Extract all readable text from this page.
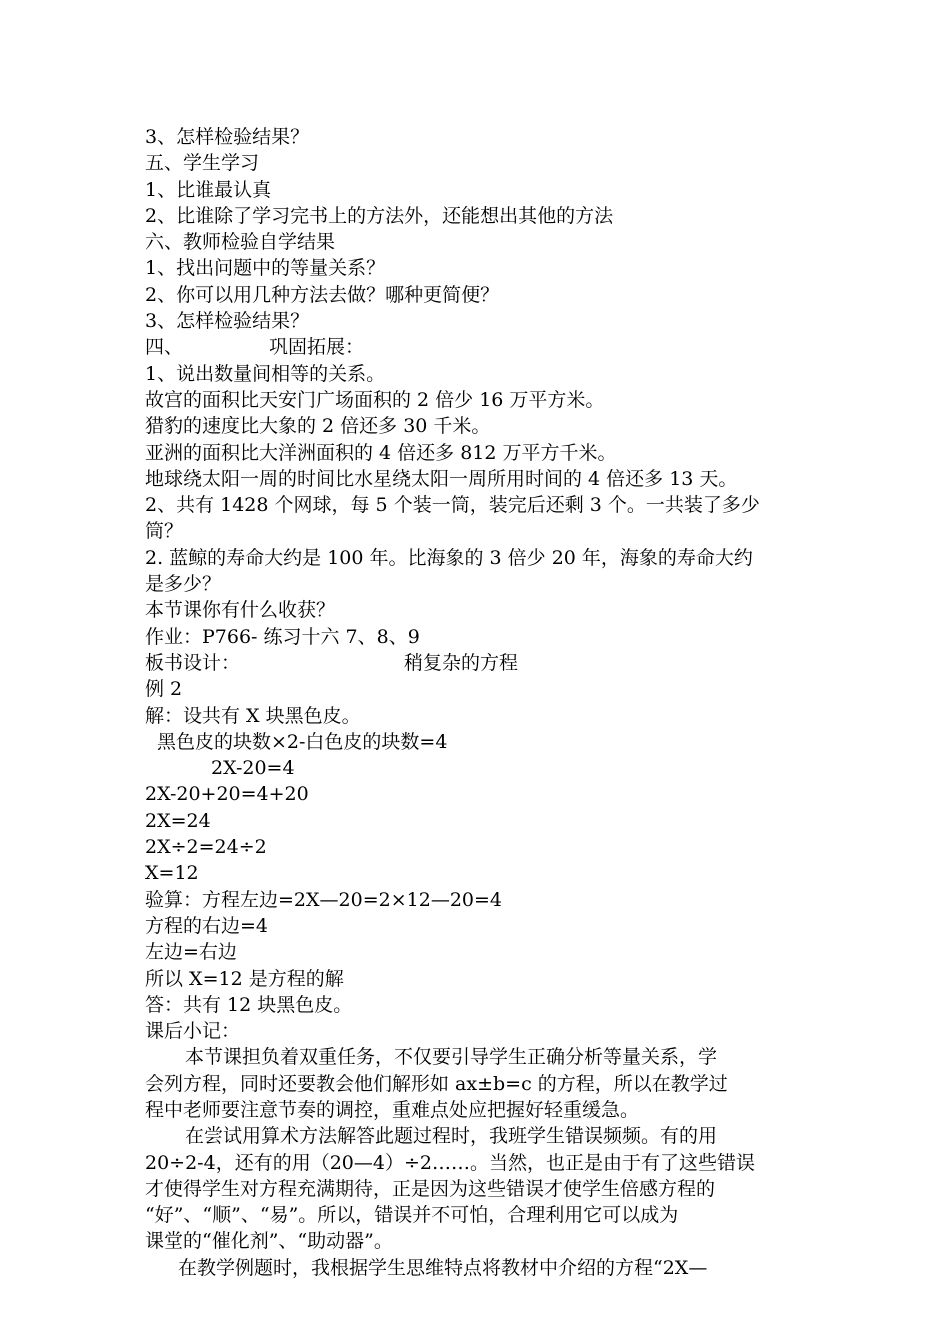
3、怎样检验结果？
五、学生学习
1、比谁最认真
2、比谁除了学习完书上的方法外，还能想出其他的方法
六、教师检验自学结果
1、找出问题中的等量关系？
2、你可以用几种方法去做？哪种更简便？
3、怎样检验结果？
四、	巩固拓展：
1、说出数量间相等的关系。
故宫的面积比天安门广场面积的 2 倍少 16 万平方米。
猎豹的速度比大象的 2 倍还多 30 千米。
亚洲的面积比大洋洲面积的 4 倍还多 812 万平方千米。
地球绕太阳一周的时间比水星绕太阳一周所用时间的 4 倍还多 13 天。
2、共有 1428 个网球，每 5 个装一筒，装完后还剩 3 个。一共装了多少
筒？
2. 蓝鲸的寿命大约是 100 年。比海象的 3 倍少 20 年，海象的寿命大约
是多少？
本节课你有什么收获？
作业：P766- 练习十六 7、8、9
板书设计：	稍复杂的方程
例 2
解：设共有 X 块黑色皮。
黑色皮的块数×2-白色皮的块数=4
2X-20=4
2X-20+20=4+20
2X=24
2X÷2=24÷2
X=12
验算：方程左边=2X—20=2×12—20=4
方程的右边=4
左边=右边
所以 X=12 是方程的解
答：共有 12 块黑色皮。
课后小记：
本节课担负着双重任务，不仅要引导学生正确分析等量关系，学
会列方程，同时还要教会他们解形如 ax±b=c 的方程，所以在教学过
程中老师要注意节奏的调控，重难点处应把握好轻重缓急。
在尝试用算术方法解答此题过程时，我班学生错误频频。有的用
20÷2-4，还有的用（20—4）÷2……。当然，也正是由于有了这些错误
才使得学生对方程充满期待，正是因为这些错误才使学生倍感方程的
“好”、“顺”、“易”。所以，错误并不可怕，合理利用它可以成为
课堂的“催化剂”、“助动器”。
在教学例题时，我根据学生思维特点将教材中介绍的方程“2X—
